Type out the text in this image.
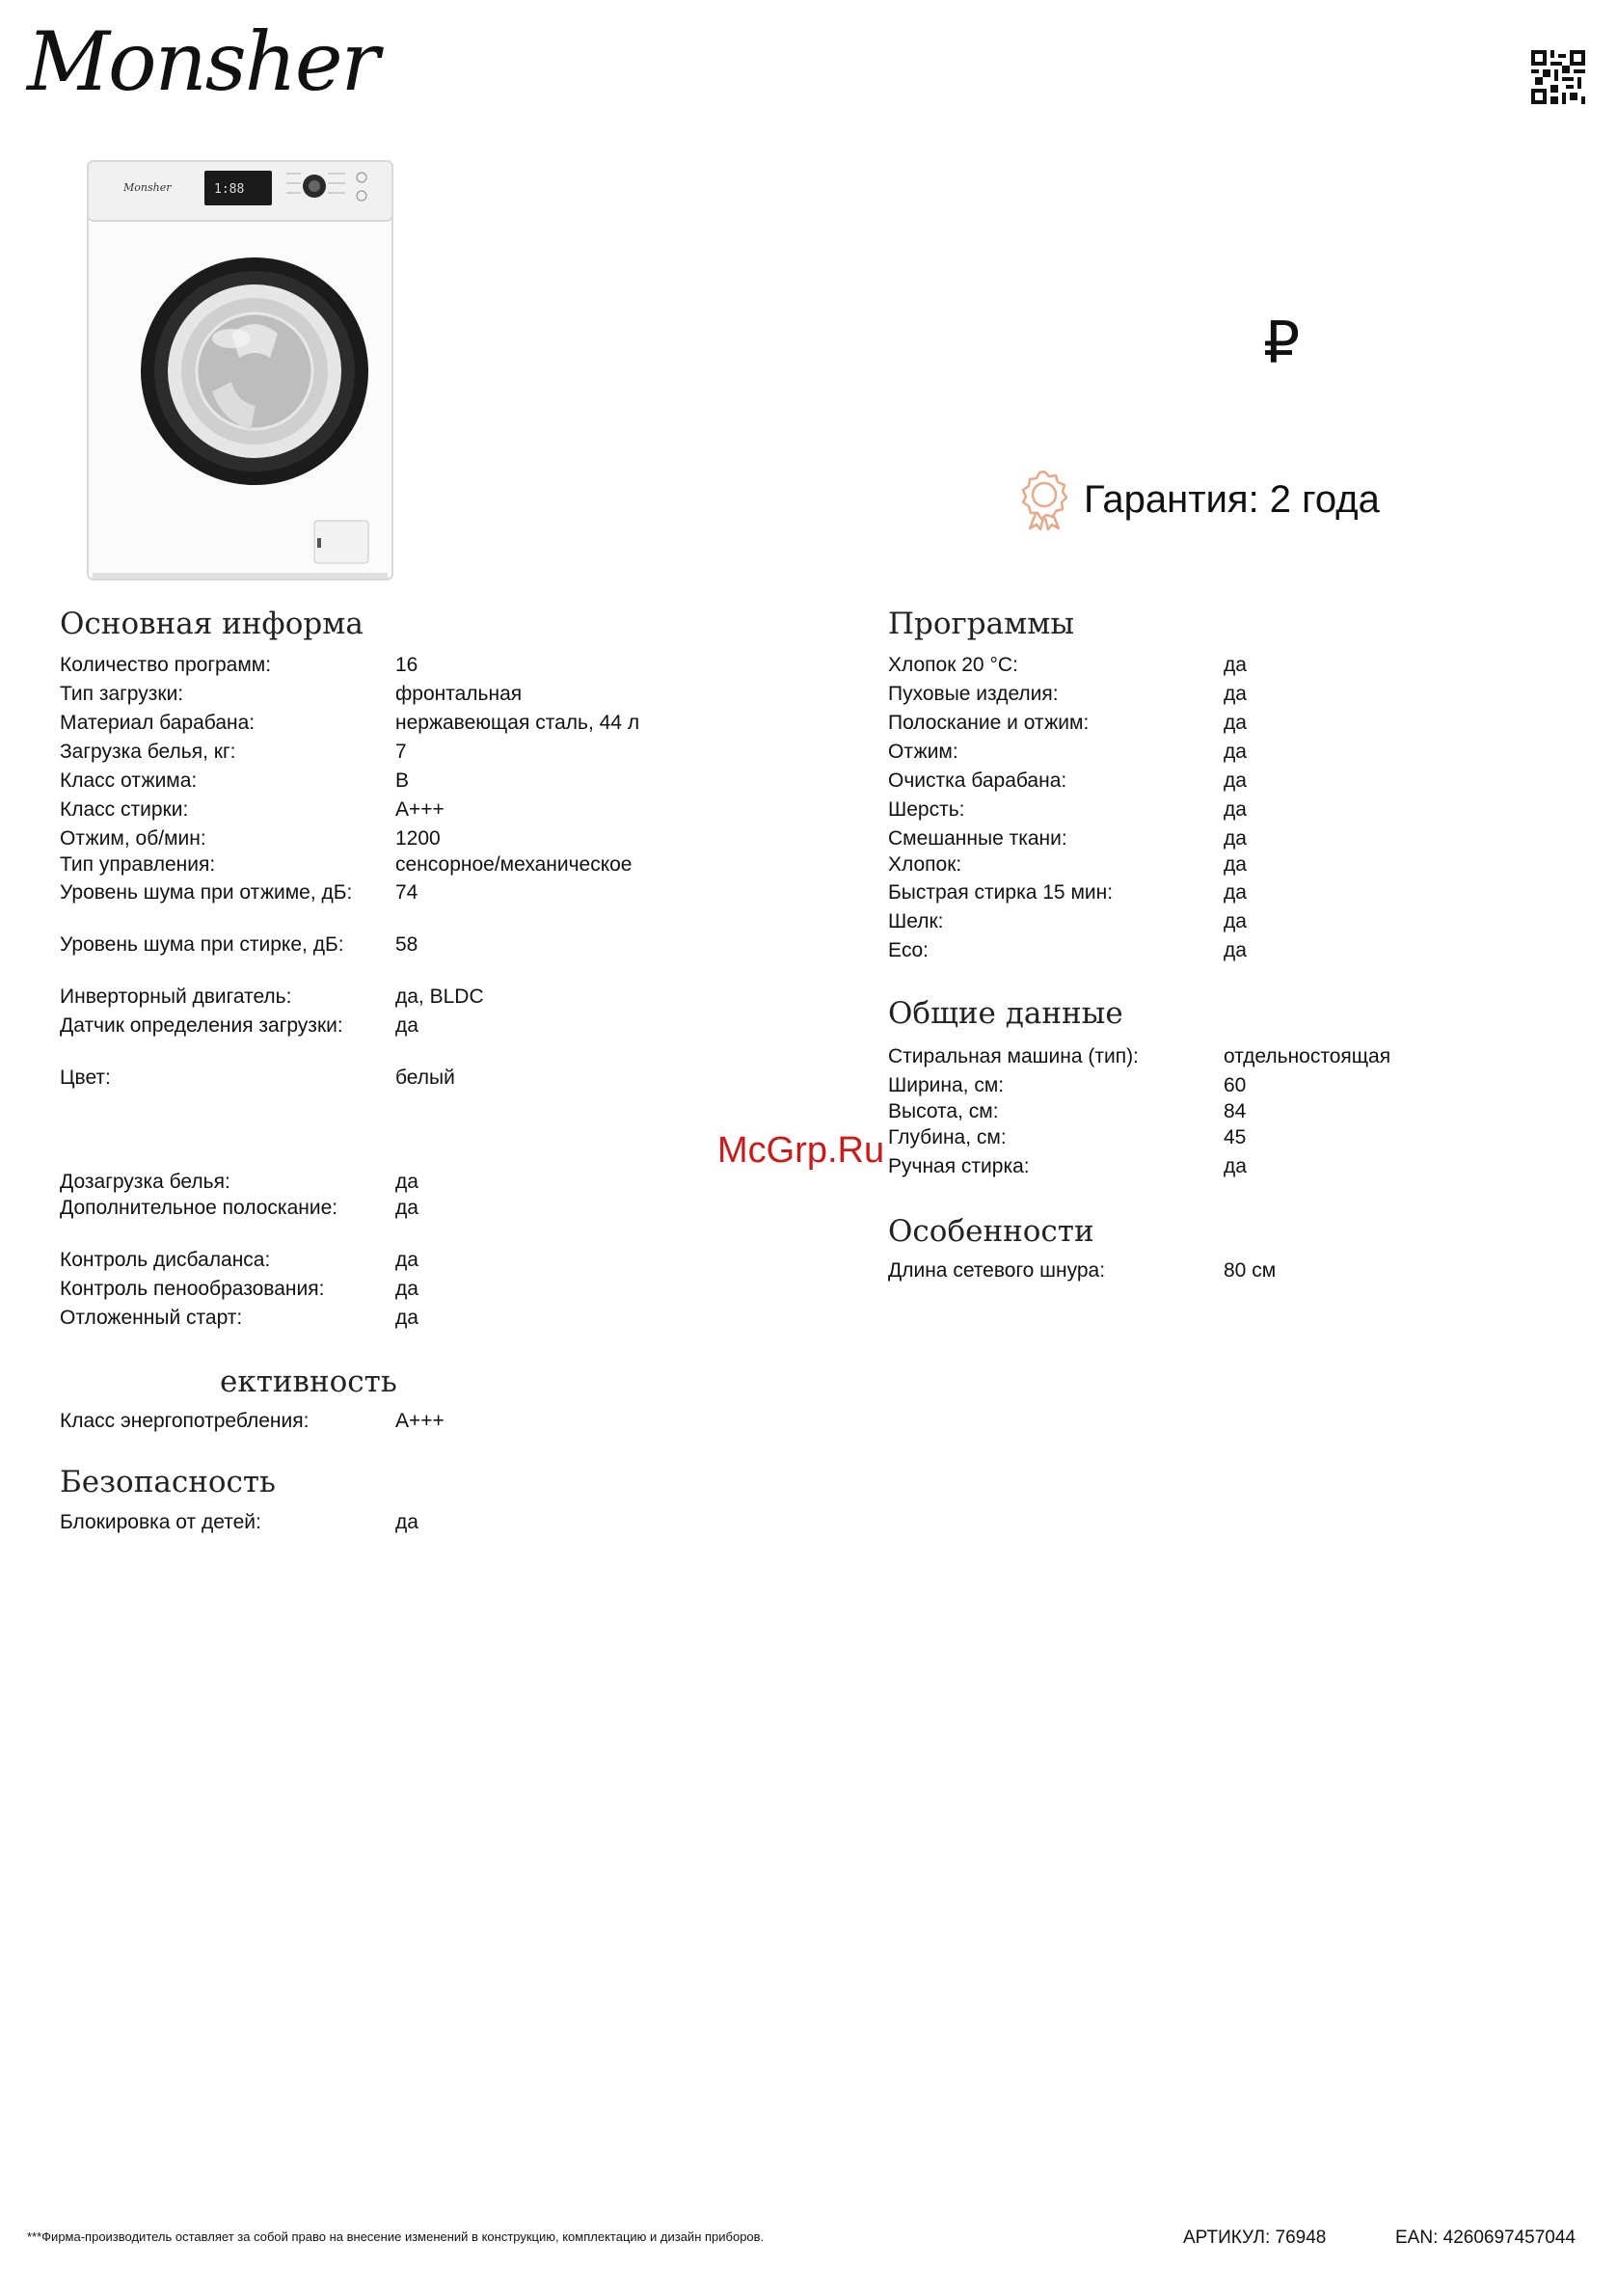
Monsher
Monsher	1:88
₽
Гарантия: 2 года
Основная информа
Количество программ:	16
Тип загрузки:	фронтальная
Материал барабана:	нержавеющая сталь, 44 л
Загрузка белья, кг:	7
Класс отжима:	B
Класс стирки:	A+++
Отжим, об/мин:	1200
Тип управления:	сенсорное/механическое
Уровень шума при отжиме, дБ:	74
Уровень шума при стирке, дБ:	58
Инверторный двигатель:	да, BLDC
Датчик определения загрузки:	да
Цвет:	белый
Дозагрузка белья:	да
Дополнительное полоскание:	да
Контроль дисбаланса:	да
Контроль пенообразования:	да
Отложенный старт:	да
ективность
Класс энергопотребления:	A+++
Безопасность
Блокировка от детей:	да
Программы
Хлопок 20 °C:	да
Пуховые изделия:	да
Полоскание и отжим:	да
Отжим:	да
Очистка барабана:	да
Шерсть:	да
Смешанные ткани:	да
Хлопок:	да
Быстрая стирка 15 мин:	да
Шелк:	да
Eco:	да
Общие данные
Стиральная машина (тип):	отдельностоящая
Ширина, см:	60
Высота, см:	84
Глубина, см:	45
Ручная стирка:	да
Особенности
Длина сетевого шнура:	80 см
McGrp.Ru
***Фирма-производитель оставляет за собой право на внесение изменений в конструкцию, комплектацию и дизайн приборов.	АРТИКУЛ: 76948	EAN: 4260697457044
